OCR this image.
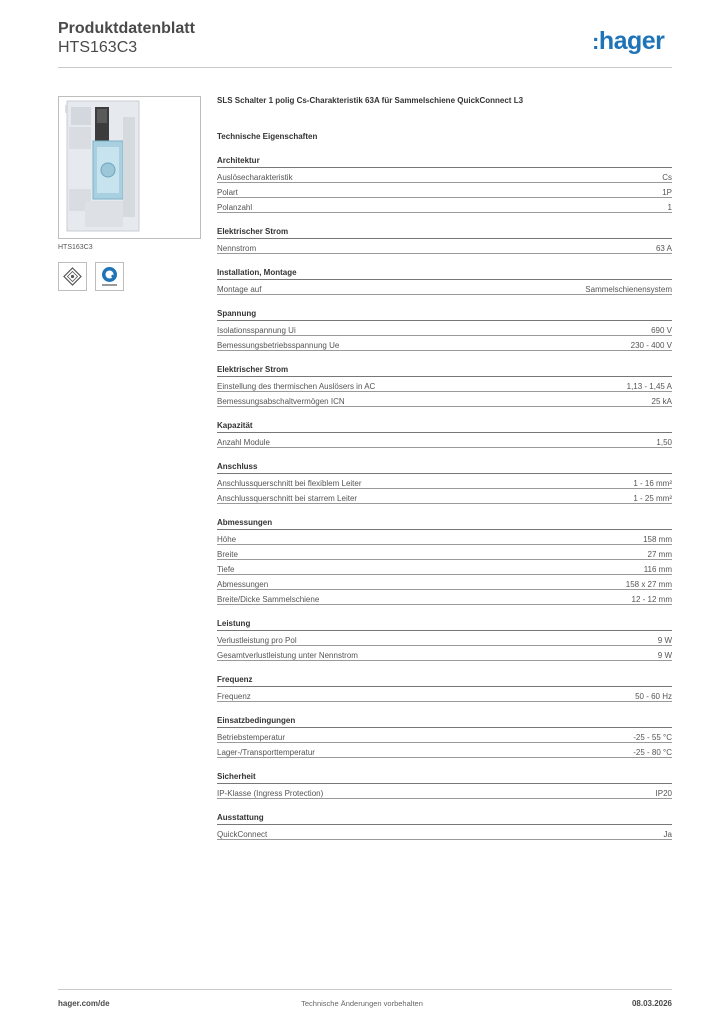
Produktdatenblatt
HTS163C3	:hager
HTS163C3
SLS Schalter 1 polig Cs-Charakteristik 63A für Sammelschiene QuickConnect L3
Technische Eigenschaften
Architektur
Auslösecharakteristik	Cs
Polart	1P
Polanzahl	1
Elektrischer Strom
Nennstrom	63 A
Installation, Montage
Montage auf	Sammelschienensystem
Spannung
Isolationsspannung Ui	690 V
Bemessungsbetriebsspannung Ue	230 - 400 V
Elektrischer Strom
Einstellung des thermischen Auslösers in AC	1,13 - 1,45 A
Bemessungsabschaltvermögen ICN	25 kA
Kapazität
Anzahl Module	1,50
Anschluss
Anschlussquerschnitt bei flexiblem Leiter	1 - 16 mm²
Anschlussquerschnitt bei starrem Leiter	1 - 25 mm²
Abmessungen
Höhe	158 mm
Breite	27 mm
Tiefe	116 mm
Abmessungen	158 x 27 mm
Breite/Dicke Sammelschiene	12 - 12 mm
Leistung
Verlustleistung pro Pol	9 W
Gesamtverlustleistung unter Nennstrom	9 W
Frequenz
Frequenz	50 - 60 Hz
Einsatzbedingungen
Betriebstemperatur	-25 - 55 °C
Lager-/Transporttemperatur	-25 - 80 °C
Sicherheit
IP-Klasse (Ingress Protection)	IP20
Ausstattung
QuickConnect	Ja
hager.com/de	Technische Änderungen vorbehalten	08.03.2026
